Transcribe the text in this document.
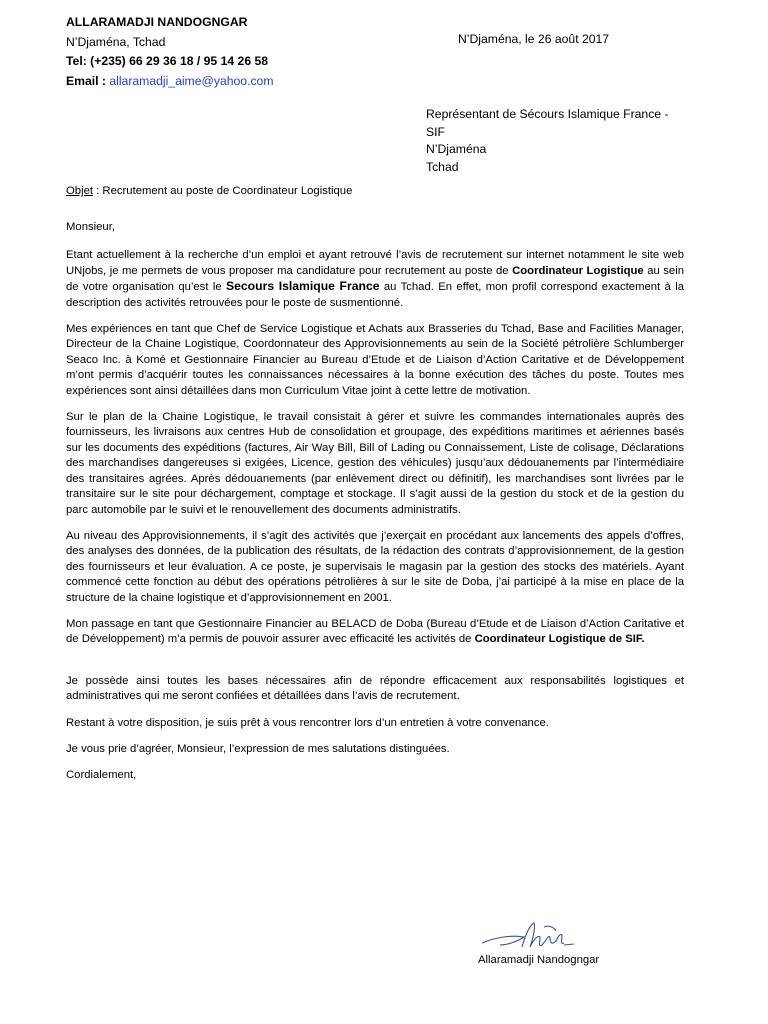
ALLARAMADJI NANDOGNGAR
N’Djaména, Tchad
Tel: (+235) 66 29 36 18 / 95 14 26 58
Email : allaramadji_aime@yahoo.com
N’Djaména, le 26 août 2017
Représentant de Sécours Islamique France -
SIF
N’Djaména
Tchad
Objet : Recrutement au poste de Coordinateur Logistique

Monsieur,

Etant actuellement à la recherche d’un emploi et ayant retrouvé l’avis de recrutement sur internet notamment le site web UNjobs, je me permets de vous proposer ma candidature pour recrutement au poste de Coordinateur Logistique au sein de votre organisation qu’est le Secours Islamique France au Tchad. En effet, mon profil correspond exactement à la description des activités retrouvées pour le poste de susmentionné.

Mes expériences en tant que Chef de Service Logistique et Achats aux Brasseries du Tchad, Base and Facilities Manager, Directeur de la Chaine Logistique, Coordonnateur des Approvisionnements au sein de la Société pétrolière Schlumberger Seaco Inc. à Komé et Gestionnaire Financier au Bureau d’Etude et de Liaison d’Action Caritative et de Développement m’ont permis d’acquérir toutes les connaissances nécessaires à la bonne exécution des tâches du poste. Toutes mes expériences sont ainsi détaillées dans mon Curriculum Vitae joint à cette lettre de motivation.

Sur le plan de la Chaine Logistique, le travail consistait à gérer et suivre les commandes internationales auprès des fournisseurs, les livraisons aux centres Hub de consolidation et groupage, des expéditions maritimes et aériennes basés sur les documents des expéditions (factures, Air Way Bill, Bill of Lading ou Connaissement, Liste de colisage, Déclarations des marchandises dangereuses si exigées, Licence, gestion des véhicules) jusqu’aux dédouanements par l’intermédiaire des transitaires agrées. Après dédouanements (par enlèvement direct ou définitif), les marchandises sont livrées par le transitaire sur le site pour déchargement, comptage et stockage. Il s’agit aussi de la gestion du stock et de la gestion du parc automobile par le suivi et le renouvellement des documents administratifs.

Au niveau des Approvisionnements, il s’agit des activités que j’exerçait en procédant aux lancements des appels d’offres, des analyses des données, de la publication des résultats, de la rédaction des contrats d’approvisionnement, de la gestion des fournisseurs et leur évaluation. A ce poste, je supervisais le magasin par la gestion des stocks des matériels. Ayant commencé cette fonction au début des opérations pétrolières à sur le site de Doba, j’ai participé à la mise en place de la structure de la chaine logistique et d’approvisionnement en 2001.

Mon passage en tant que Gestionnaire Financier au BELACD de Doba (Bureau d’Etude et de Liaison d’Action Caritative et de Développement) m’a permis de pouvoir assurer avec efficacité les activités de Coordinateur Logistique de SIF.

Je possède ainsi toutes les bases nécessaires afin de répondre efficacement aux responsabilités logistiques et administratives qui me seront confiées et détaillées dans l’avis de recrutement.

Restant à votre disposition, je suis prêt à vous rencontrer lors d’un entretien à votre convenance.

Je vous prie d’agréer, Monsieur, l’expression de mes salutations distinguées.

Cordialement,

Allaramadji Nandogngar
